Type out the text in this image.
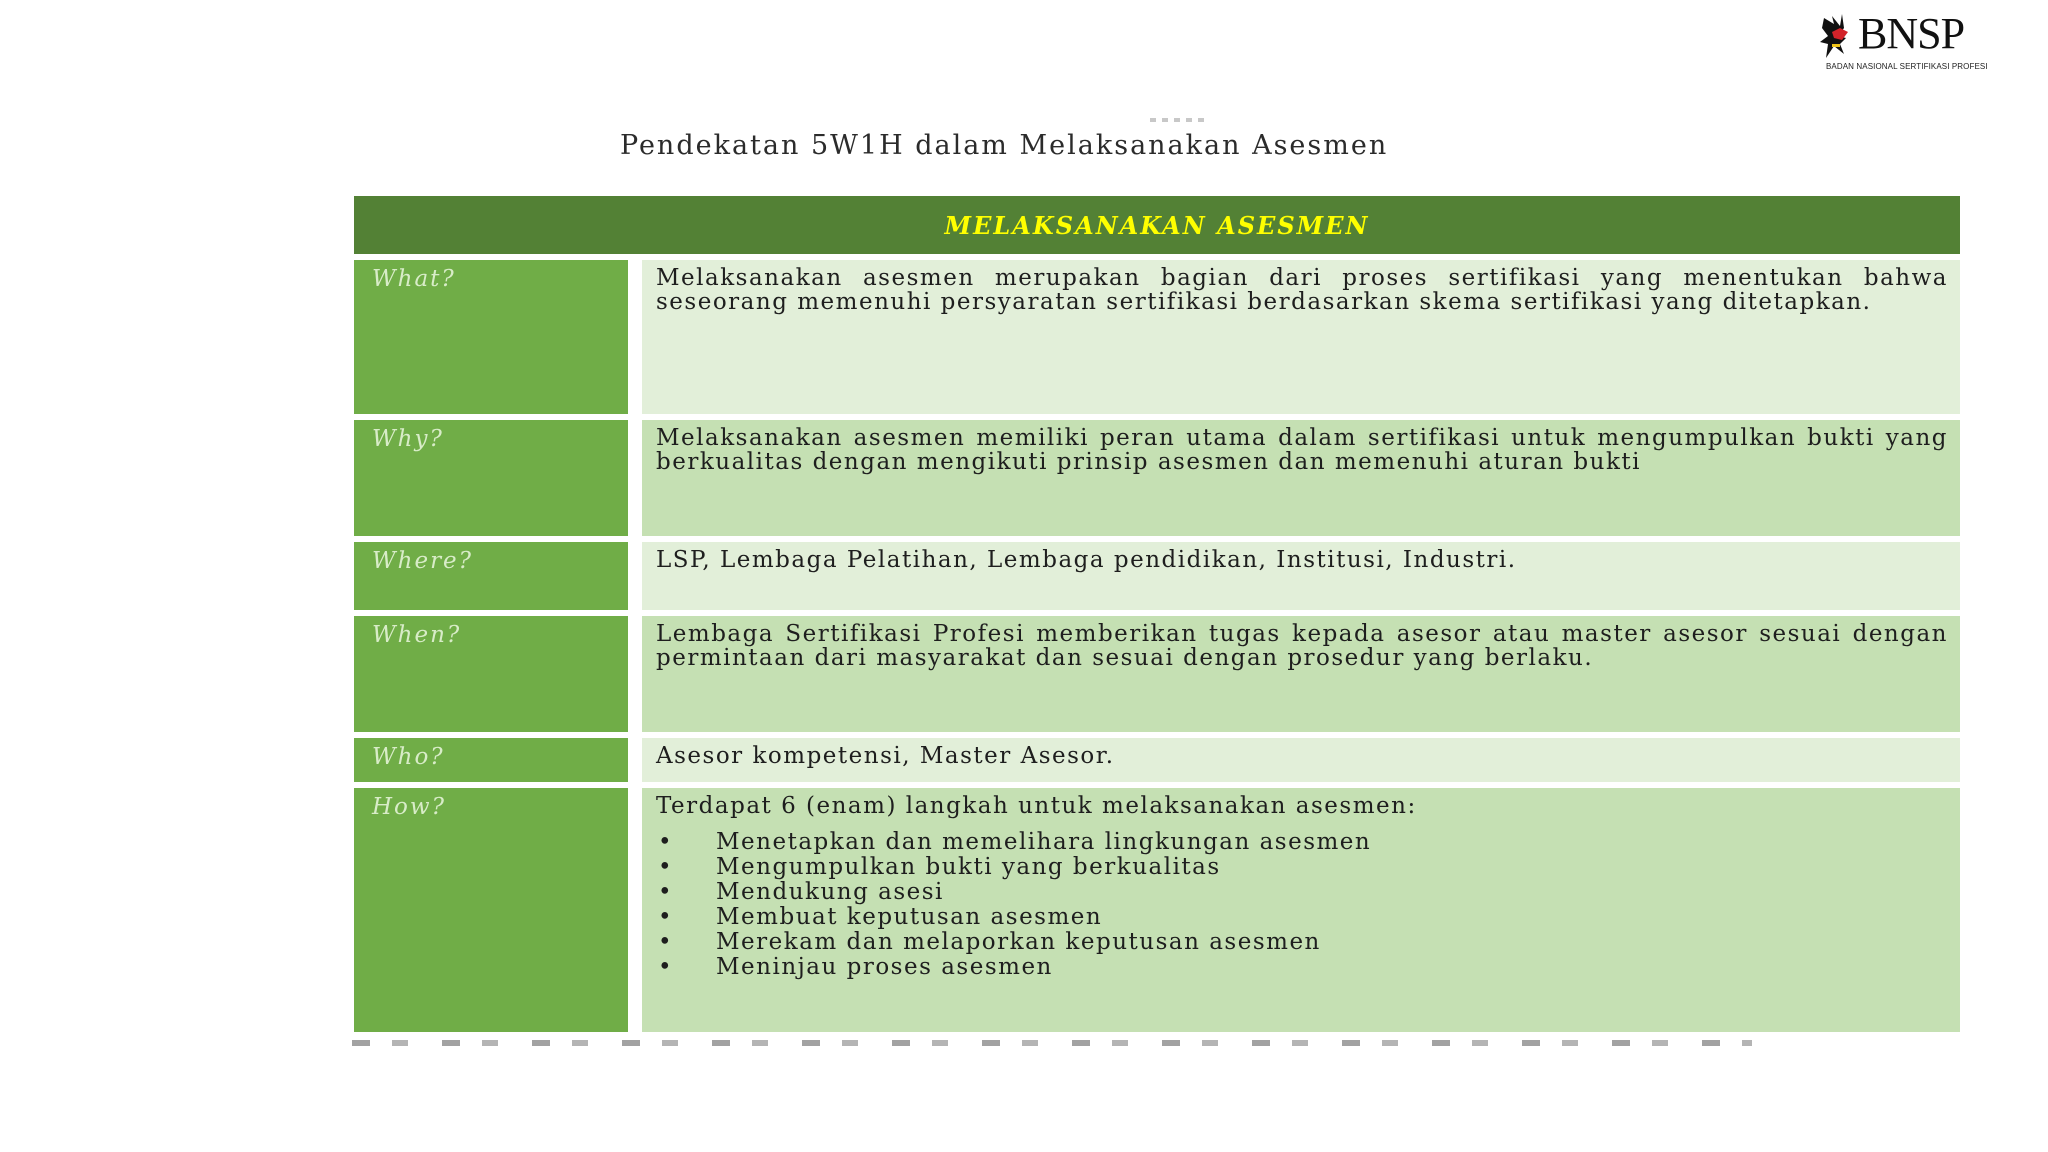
BNSP
BADAN NASIONAL SERTIFIKASI PROFESI
Pendekatan 5W1H dalam Melaksanakan Asesmen
MELAKSANAKAN ASESMEN
What?	Melaksanakan asesmen merupakan bagian dari proses sertifikasi yang menentukan bahwa seseorang memenuhi persyaratan sertifikasi berdasarkan skema sertifikasi yang ditetapkan.
Why?	Melaksanakan asesmen memiliki peran utama dalam sertifikasi untuk mengumpulkan bukti yang berkualitas dengan mengikuti prinsip asesmen dan memenuhi aturan bukti
Where?	LSP, Lembaga Pelatihan, Lembaga pendidikan, Institusi, Industri.
When?	Lembaga Sertifikasi Profesi memberikan tugas kepada asesor atau master asesor sesuai dengan permintaan dari masyarakat dan sesuai dengan prosedur yang berlaku.
Who?	Asesor kompetensi, Master Asesor.
How?	Terdapat 6 (enam) langkah untuk melaksanakan asesmen:
• Menetapkan dan memelihara lingkungan asesmen
• Mengumpulkan bukti yang berkualitas
• Mendukung asesi
• Membuat keputusan asesmen
• Merekam dan melaporkan keputusan asesmen
• Meninjau proses asesmen
